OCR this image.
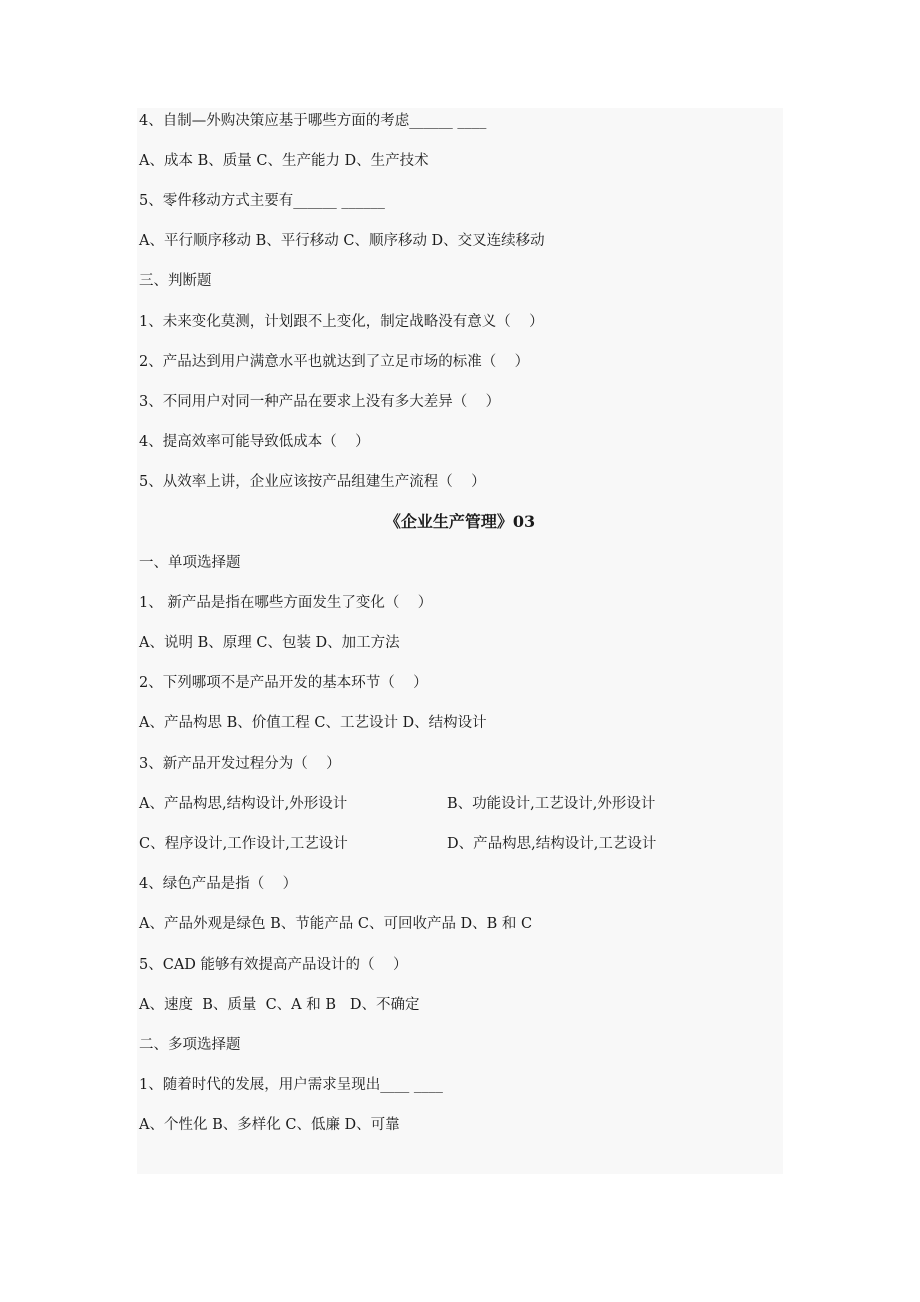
4、自制—外购决策应基于哪些方面的考虑______ ____
A、成本 B、质量 C、生产能力 D、生产技术
5、零件移动方式主要有______ ______
A、平行顺序移动 B、平行移动 C、顺序移动 D、交叉连续移动
三、判断题
1、未来变化莫测，计划跟不上变化，制定战略没有意义（    ）
2、产品达到用户满意水平也就达到了立足市场的标准（    ）
3、不同用户对同一种产品在要求上没有多大差异（    ）
4、提高效率可能导致低成本（    ）
5、从效率上讲，企业应该按产品组建生产流程（    ）
《企业生产管理》03
一、单项选择题
1、 新产品是指在哪些方面发生了变化（    ）
A、说明 B、原理 C、包装 D、加工方法
2、下列哪项不是产品开发的基本环节（    ）
A、产品构思 B、价值工程 C、工艺设计 D、结构设计
3、新产品开发过程分为（    ）
A、产品构思,结构设计,外形设计	B、功能设计,工艺设计,外形设计
C、程序设计,工作设计,工艺设计	D、产品构思,结构设计,工艺设计
4、绿色产品是指（    ）
A、产品外观是绿色 B、节能产品 C、可回收产品 D、B 和 C
5、CAD 能够有效提高产品设计的（    ）
A、速度  B、质量  C、A 和 B   D、不确定
二、多项选择题
1、随着时代的发展，用户需求呈现出____ ____
A、个性化 B、多样化 C、低廉 D、可靠
